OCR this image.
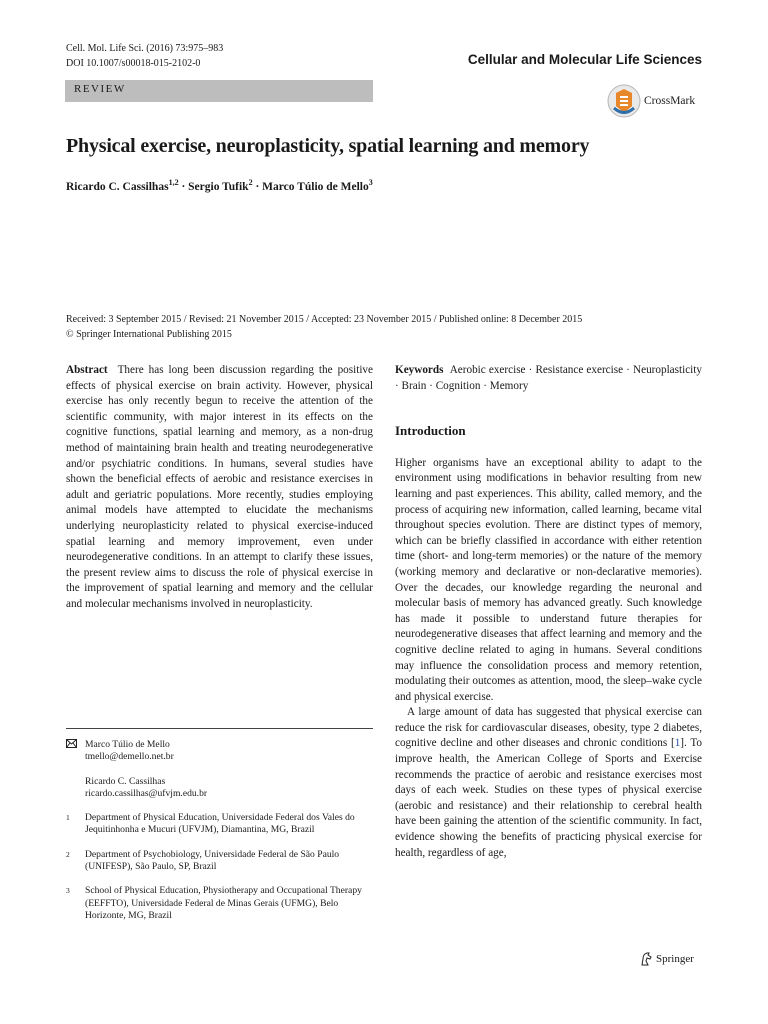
Cell. Mol. Life Sci. (2016) 73:975–983
DOI 10.1007/s00018-015-2102-0	Cellular and Molecular Life Sciences
REVIEW
CrossMark
Physical exercise, neuroplasticity, spatial learning and memory
Ricardo C. Cassilhas$^{1,2}$ · Sergio Tufik$^2$ · Marco Túlio de Mello$^3$
Received: 3 September 2015 / Revised: 21 November 2015 / Accepted: 23 November 2015 / Published online: 8 December 2015
© Springer International Publishing 2015

Abstract There has long been discussion regarding the positive effects of physical exercise on brain activity. However, physical exercise has only recently begun to receive the attention of the scientific community, with major interest in its effects on the cognitive functions, spatial learning and memory, as a non-drug method of maintaining brain health and treating neurodegenerative and/or psychiatric conditions. In humans, several studies have shown the beneficial effects of aerobic and resistance exercises in adult and geriatric populations. More recently, studies employing animal models have attempted to elucidate the mechanisms underlying neuroplasticity related to physical exercise-induced spatial learning and memory improvement, even under neurodegenerative conditions. In an attempt to clarify these issues, the present review aims to discuss the role of physical exercise in the improvement of spatial learning and memory and the cellular and molecular mechanisms involved in neuroplasticity.

Marco Túlio de Mello
tmello@demello.net.br
Ricardo C. Cassilhas
ricardo.cassilhas@ufvjm.edu.br
1	Department of Physical Education, Universidade Federal dos Vales do Jequitinhonha e Mucuri (UFVJM), Diamantina, MG, Brazil
2	Department of Psychobiology, Universidade Federal de São Paulo (UNIFESP), São Paulo, SP, Brazil
3	School of Physical Education, Physiotherapy and Occupational Therapy (EEFFTO), Universidade Federal de Minas Gerais (UFMG), Belo Horizonte, MG, Brazil

Keywords Aerobic exercise · Resistance exercise · Neuroplasticity · Brain · Cognition · Memory

Introduction

Higher organisms have an exceptional ability to adapt to the environment using modifications in behavior resulting from new learning and past experiences. This ability, called memory, and the process of acquiring new information, called learning, became vital throughout species evolution. There are distinct types of memory, which can be briefly classified in accordance with either retention time (short- and long-term memories) or the nature of the memory (working memory and declarative or non-declarative memories). Over the decades, our knowledge regarding the neuronal and molecular basis of memory has advanced greatly. Such knowledge has made it possible to understand future therapies for neurodegenerative diseases that affect learning and memory and the cognitive decline related to aging in humans. Several conditions may influence the consolidation process and memory retention, modulating their outcomes as attention, mood, the sleep–wake cycle and physical exercise.

A large amount of data has suggested that physical exercise can reduce the risk for cardiovascular diseases, obesity, type 2 diabetes, cognitive decline and other diseases and chronic conditions [1]. To improve health, the American College of Sports and Exercise recommends the practice of aerobic and resistance exercises most days of each week. Studies on these types of physical exercise (aerobic and resistance) and their relationship to cerebral health have been gaining the attention of the scientific community. In fact, evidence showing the benefits of practicing physical exercise for health, regardless of age,

Springer
